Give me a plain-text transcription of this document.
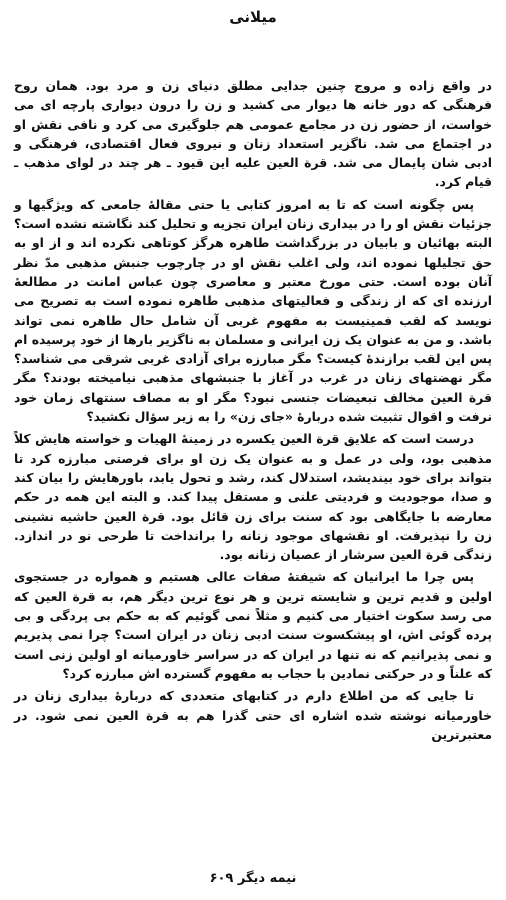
میلانی

در واقع زاده و مروج چنین جدایی مطلق دنیای زن و مرد بود. همان روح فرهنگی که دور خانه ها دیوار می کشید و زن را درون دیواری پارچه ای می خواست، از حضور زن در مجامع عمومی هم جلوگیری می کرد و نافی نقش او در اجتماع می شد. ناگزیر استعداد زنان و نیروی فعال اقتصادی، فرهنگی و ادبی شان پایمال می شد. قرة العین علیه این قیود ـ هر چند در لوای مذهب ـ قیام کرد.

پس چگونه است که تا به امروز کتابی یا حتی مقالهٔ جامعی که ویژگیها و جزئیات نقش او را در بیداری زنان ایران تجزیه و تحلیل کند نگاشته نشده است؟ البته بهائیان و بابیان در بزرگداشت طاهره هرگز کوتاهی نکرده اند و از او به حق تجلیلها نموده اند، ولی اغلب نقش او در چارچوب جنبش مذهبی مدّ نظر آنان بوده است. حتی مورخ معتبر و معاصری چون عباس امانت در مطالعهٔ ارزنده ای که از زندگی و فعالیتهای مذهبی طاهره نموده است به تصریح می نویسد که لقب فمینیست به مفهوم غربی آن شامل حال طاهره نمی تواند باشد. و من به عنوان یک زن ایرانی و مسلمان به ناگزیر بارها از خود پرسیده ام پس این لقب برازندهٔ کیست؟ مگر مبارزه برای آزادی غربی شرقی می شناسد؟ مگر نهضتهای زنان در غرب در آغاز با جنبشهای مذهبی نیامیخته بودند؟ مگر قرة العین مخالف تبعیضات جنسی نبود؟ مگر او به مصاف سنتهای زمان خود نرفت و اقوال تثبیت شده دربارهٔ «جای زن» را به زیر سؤال نکشید؟

درست است که علایق قرة العین یکسره در زمینهٔ الهیات و خواسته هایش کلاً مذهبی بود، ولی در عمل و به عنوان یک زن او برای فرصتی مبارزه کرد تا بتواند برای خود بیندیشد، استدلال کند، رشد و تحول یابد، باورهایش را بیان کند و صدا، موجودیت و فردیتی علنی و مستقل پیدا کند. و البته این همه در حکم معارضه با جایگاهی بود که سنت برای زن قائل بود. قرة العین حاشیه نشینی زن را نپذیرفت. او نقشهای موجود زنانه را برانداخت تا طرحی نو در اندازد. زندگی قرة العین سرشار از عصیان زنانه بود.

پس چرا ما ایرانیان که شیفتهٔ صفات عالی هستیم و همواره در جستجوی اولین و قدیم ترین و شایسته ترین و هر نوع ترین دیگر هم، به قرة العین که می رسد سکوت اختیار می کنیم و مثلاً نمی گوئیم که به حکم بی پردگی و بی پرده گوئی اش، او پیشکسوت سنت ادبی زنان در ایران است؟ چرا نمی پذیریم و نمی پذیرانیم که نه تنها در ایران که در سراسر خاورمیانه او اولین زنی است که علناً و در حرکتی نمادین با حجاب به مفهوم گسترده اش مبارزه کرد؟

تا جایی که من اطلاع دارم در کتابهای متعددی که دربارهٔ بیداری زنان در خاورمیانه نوشته شده اشاره ای حتی گذرا هم به قرة العین نمی شود. در معتبرترین

نیمه دیگر ۶۰۹
